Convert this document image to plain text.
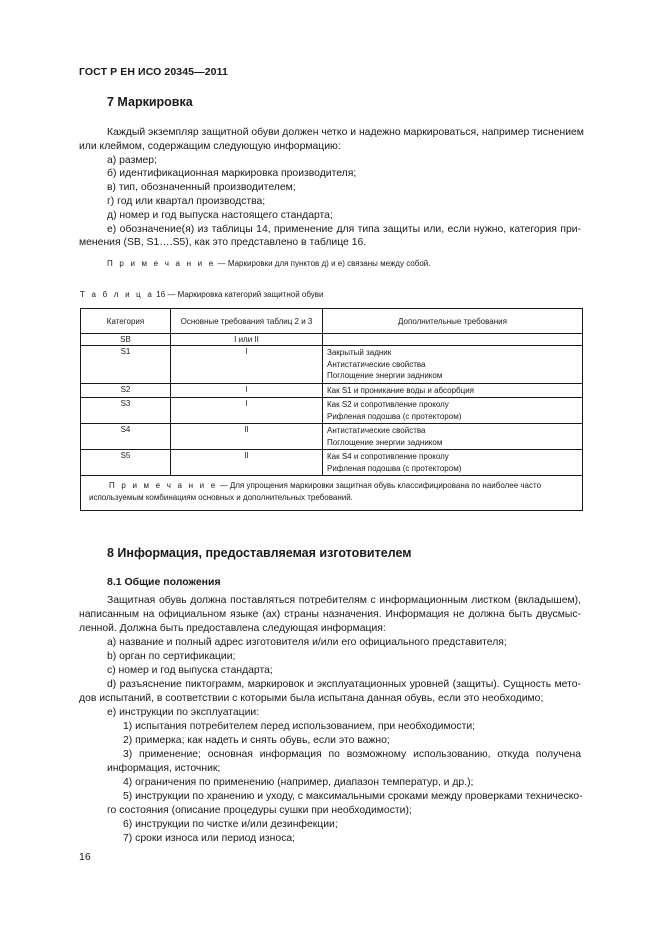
ГОСТ Р ЕН ИСО 20345—2011
7 Маркировка
Каждый экземпляр защитной обуви должен четко и надежно маркироваться, например тиснением
или клеймом, содержащим следующую информацию:
а) размер;
б) идентификационная маркировка производителя;
в) тип, обозначенный производителем;
г) год или квартал производства;
д) номер и год выпуска настоящего стандарта;
е) обозначение(я) из таблицы 14, применение для типа защиты или, если нужно, категория при-
менения (SB, S1….S5), как это представлено в таблице 16.
П р и м е ч а н и е — Маркировки для пунктов д) и е) связаны между собой.
Т а б л и ц а 16 — Маркировка категорий защитной обуви
Категория	Основные требования таблиц 2 и 3	Дополнительные требования
SB	I или II	
S1	I	Закрытый задник
Антистатические свойства
Поглощение энергии задником

S2	I	Как S1 и проникание воды и абсорбция

S3	I	Как S2 и сопротивление проколу
Рифленая подошва (с протектором)

S4	II	Антистатические свойства
Поглощение энергии задником

S5	II	Как S4 и сопротивление проколу
Рифленая подошва (с протектором)

П р и м е ч а н и е — Для упрощения маркировки защитная обувь классифицирована по наиболее часто
используемым комбинациям основных и дополнительных требований.		
8 Информация, предоставляемая изготовителем
8.1 Общие положения
Защитная обувь должна поставляться потребителям с информационным листком (вкладышем),
написанным на официальном языке (ах) страны назначения. Информация не должна быть двусмыс-
ленной. Должна быть предоставлена следующая информация:
а) название и полный адрес изготовителя и/или его официального представителя;
b) орган по сертификации;
c) номер и год выпуска стандарта;
d) разъяснение пиктограмм, маркировок и эксплуатационных уровней (защиты). Сущность мето-
дов испытаний, в соответствии с которыми была испытана данная обувь, если это необходимо;
е) инструкции по эксплуатации:
1) испытания потребителем перед использованием, при необходимости;
2) примерка; как надеть и снять обувь, если это важно;
3) применение; основная информация по возможному использованию, откуда получена
информация, источник;
4) ограничения по применению (например, диапазон температур, и др.);
5) инструкции по хранению и уходу, с максимальными сроками между проверками техническо-
го состояния (описание процедуры сушки при необходимости);
6) инструкции по чистке и/или дезинфекции;
7) сроки износа или период износа;
16
